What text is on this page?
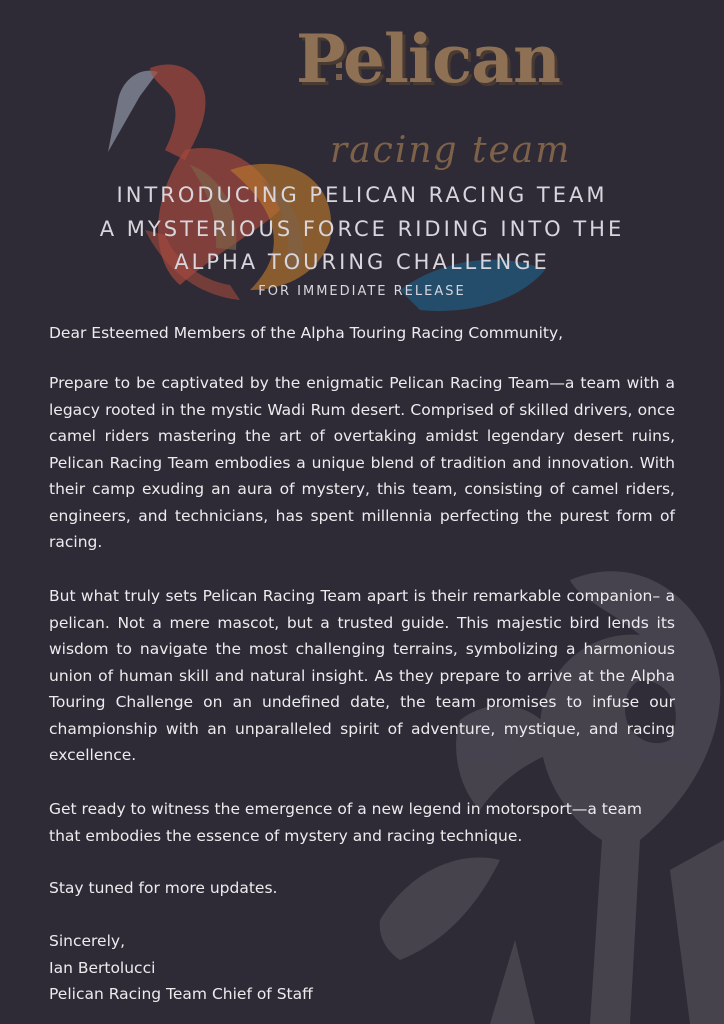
Pelican
racing team
INTRODUCING PELICAN RACING TEAM
A MYSTERIOUS FORCE RIDING INTO THE
ALPHA TOURING CHALLENGE
FOR IMMEDIATE RELEASE

Dear Esteemed Members of the Alpha Touring Racing Community,

Prepare to be captivated by the enigmatic Pelican Racing Team—a team with a legacy rooted in the mystic Wadi Rum desert. Comprised of skilled drivers, once camel riders mastering the art of overtaking amidst legendary desert ruins, Pelican Racing Team embodies a unique blend of tradition and innovation. With their camp exuding an aura of mystery, this team, consisting of camel riders, engineers, and technicians, has spent millennia perfecting the purest form of racing.

But what truly sets Pelican Racing Team apart is their remarkable companion– a pelican. Not a mere mascot, but a trusted guide. This majestic bird lends its wisdom to navigate the most challenging terrains, symbolizing a harmonious union of human skill and natural insight. As they prepare to arrive at the Alpha Touring Challenge on an undefined date, the team promises to infuse our championship with an unparalleled spirit of adventure, mystique, and racing excellence.

Get ready to witness the emergence of a new legend in motorsport—a team that embodies the essence of mystery and racing technique.

Stay tuned for more updates.

Sincerely,
Ian Bertolucci
Pelican Racing Team Chief of Staff
